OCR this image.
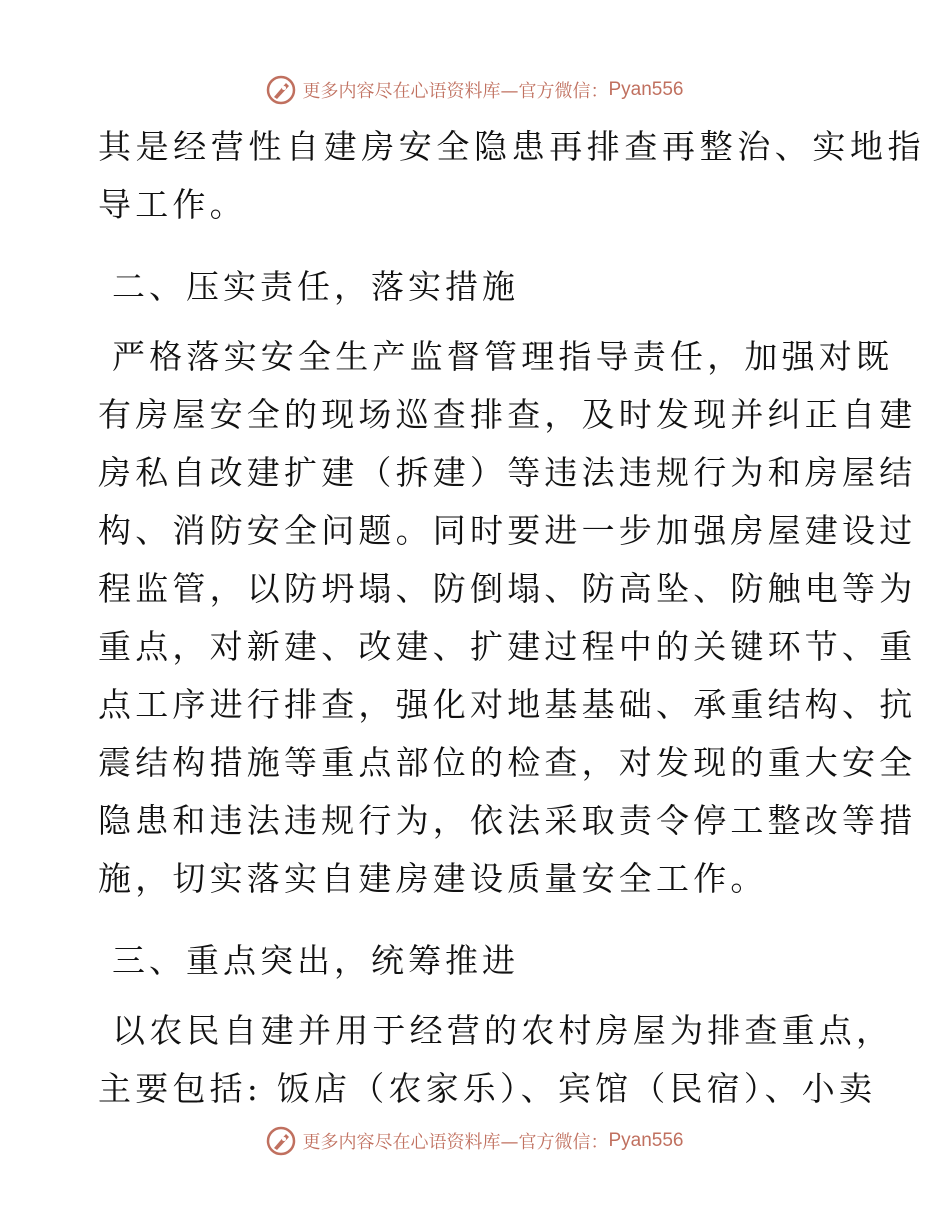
更多内容尽在心语资料库—官方微信： Pyan556
其是经营性自建房安全隐患再排查再整治、实地指
导工作。
二、压实责任，落实措施
严格落实安全生产监督管理指导责任，加强对既
有房屋安全的现场巡查排查，及时发现并纠正自建
房私自改建扩建（拆建）等违法违规行为和房屋结
构、消防安全问题。同时要进一步加强房屋建设过
程监管，以防坍塌、防倒塌、防高坠、防触电等为
重点，对新建、改建、扩建过程中的关键环节、重
点工序进行排查，强化对地基基础、承重结构、抗
震结构措施等重点部位的检查，对发现的重大安全
隐患和违法违规行为，依法采取责令停工整改等措
施，切实落实自建房建设质量安全工作。
三、重点突出，统筹推进
以农民自建并用于经营的农村房屋为排查重点，
主要包括: 饭店（农家乐）、宾馆（民宿）、小卖
更多内容尽在心语资料库—官方微信： Pyan556
